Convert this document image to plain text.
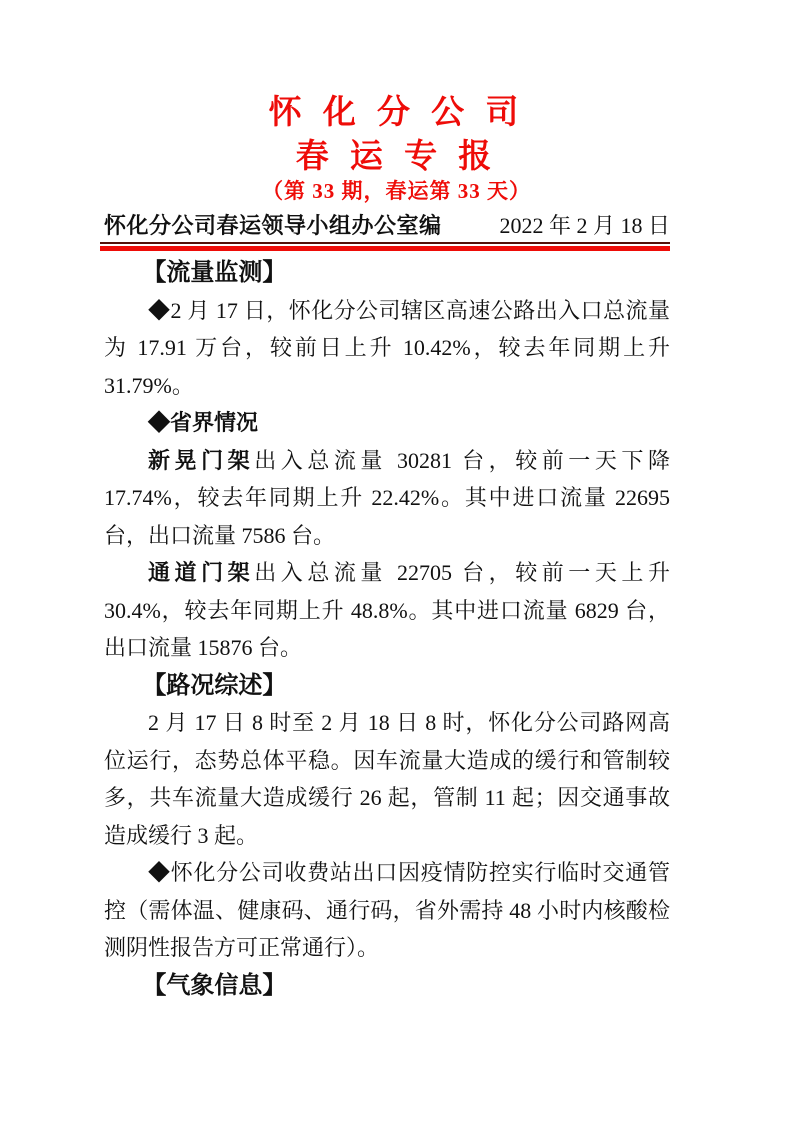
怀 化 分 公 司
春 运 专 报
（第 33 期，春运第 33 天）
怀化分公司春运领导小组办公室编	2022 年 2 月 18 日
【流量监测】

◆2 月 17 日，怀化分公司辖区高速公路出入口总流量为 17.91 万台，较前日上升 10.42%，较去年同期上升 31.79%。

◆省界情况

新晃门架出入总流量 30281 台，较前一天下降 17.74%，较去年同期上升 22.42%。其中进口流量 22695 台，出口流量 7586 台。

通道门架出入总流量 22705 台，较前一天上升 30.4%，较去年同期上升 48.8%。其中进口流量 6829 台，出口流量 15876 台。

【路况综述】

2 月 17 日 8 时至 2 月 18 日 8 时，怀化分公司路网高位运行，态势总体平稳。因车流量大造成的缓行和管制较多，共车流量大造成缓行 26 起，管制 11 起；因交通事故造成缓行 3 起。

◆怀化分公司收费站出口因疫情防控实行临时交通管控（需体温、健康码、通行码，省外需持 48 小时内核酸检测阴性报告方可正常通行）。

【气象信息】
